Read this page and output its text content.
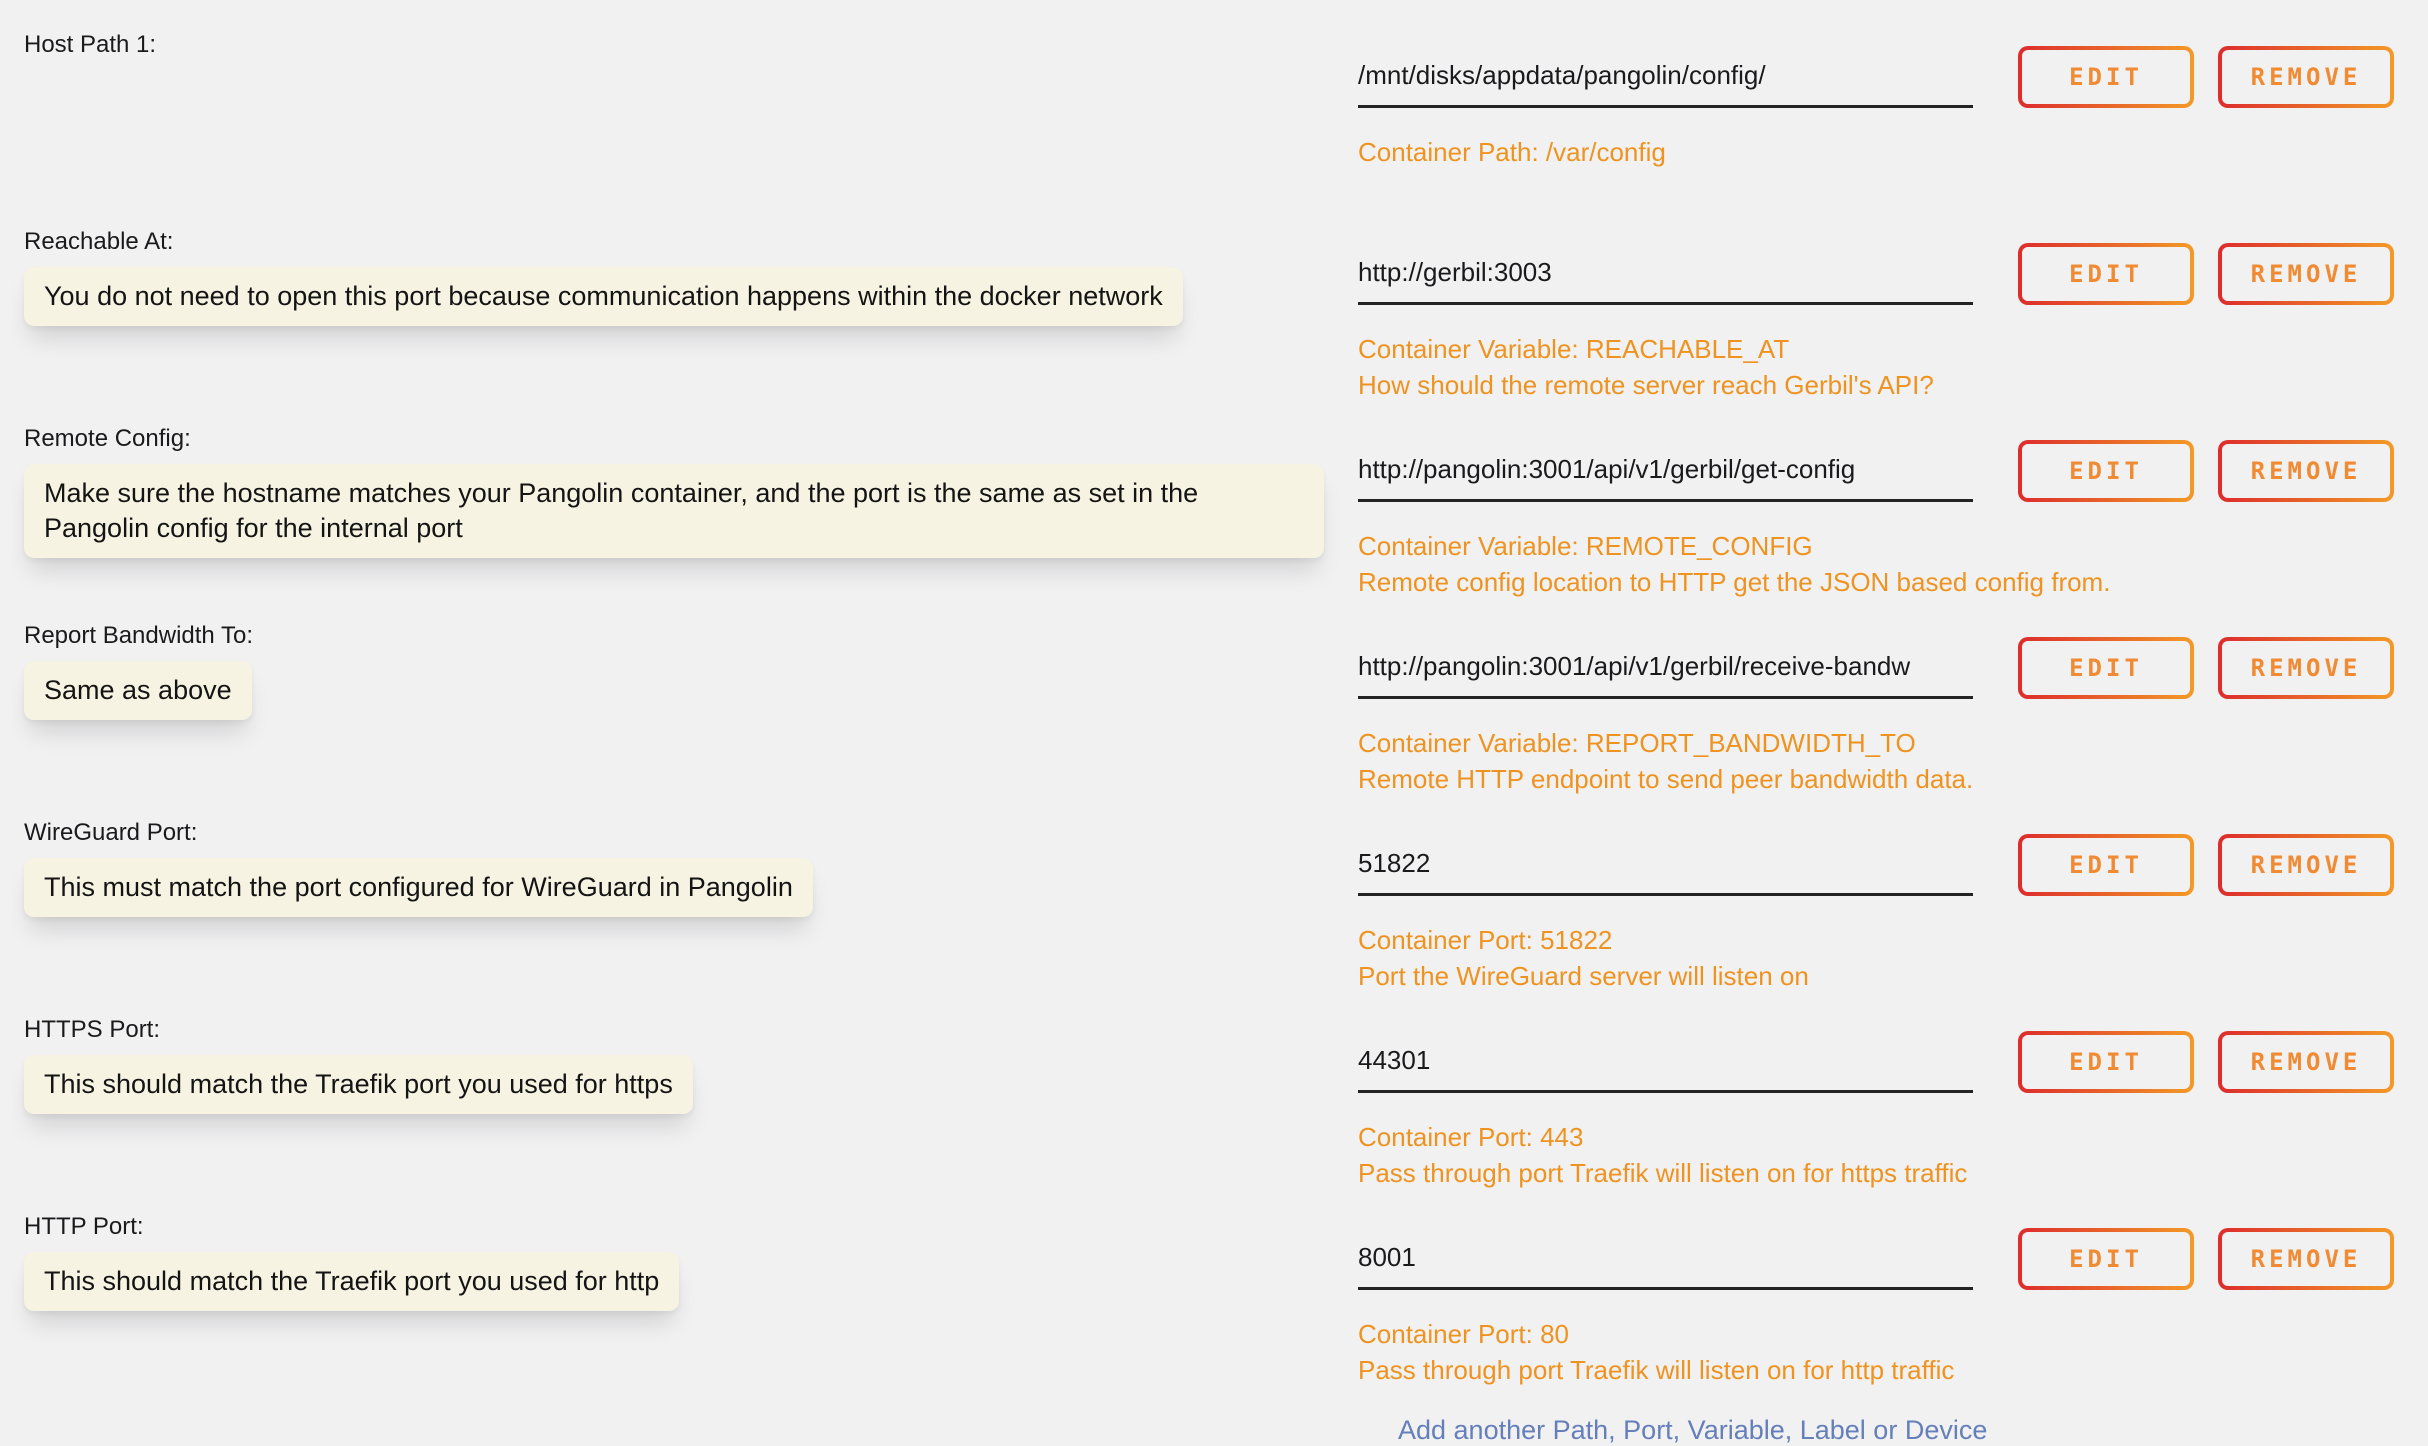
Host Path 1:
/mnt/disks/appdata/pangolin/config/
EDIT	REMOVE
Container Path: /var/config
Reachable At:
You do not need to open this port because communication happens within the docker network
http://gerbil:3003
EDIT	REMOVE
Container Variable: REACHABLE_AT
How should the remote server reach Gerbil's API?
Remote Config:
Make sure the hostname matches your Pangolin container, and the port is the same as set in the Pangolin config for the internal port
http://pangolin:3001/api/v1/gerbil/get-config
EDIT	REMOVE
Container Variable: REMOTE_CONFIG
Remote config location to HTTP get the JSON based config from.
Report Bandwidth To:
Same as above
http://pangolin:3001/api/v1/gerbil/receive-bandw
EDIT	REMOVE
Container Variable: REPORT_BANDWIDTH_TO
Remote HTTP endpoint to send peer bandwidth data.
WireGuard Port:
This must match the port configured for WireGuard in Pangolin
51822
EDIT	REMOVE
Container Port: 51822
Port the WireGuard server will listen on
HTTPS Port:
This should match the Traefik port you used for https
44301
EDIT	REMOVE
Container Port: 443
Pass through port Traefik will listen on for https traffic
HTTP Port:
This should match the Traefik port you used for http
8001
EDIT	REMOVE
Container Port: 80
Pass through port Traefik will listen on for http traffic
Add another Path, Port, Variable, Label or Device
